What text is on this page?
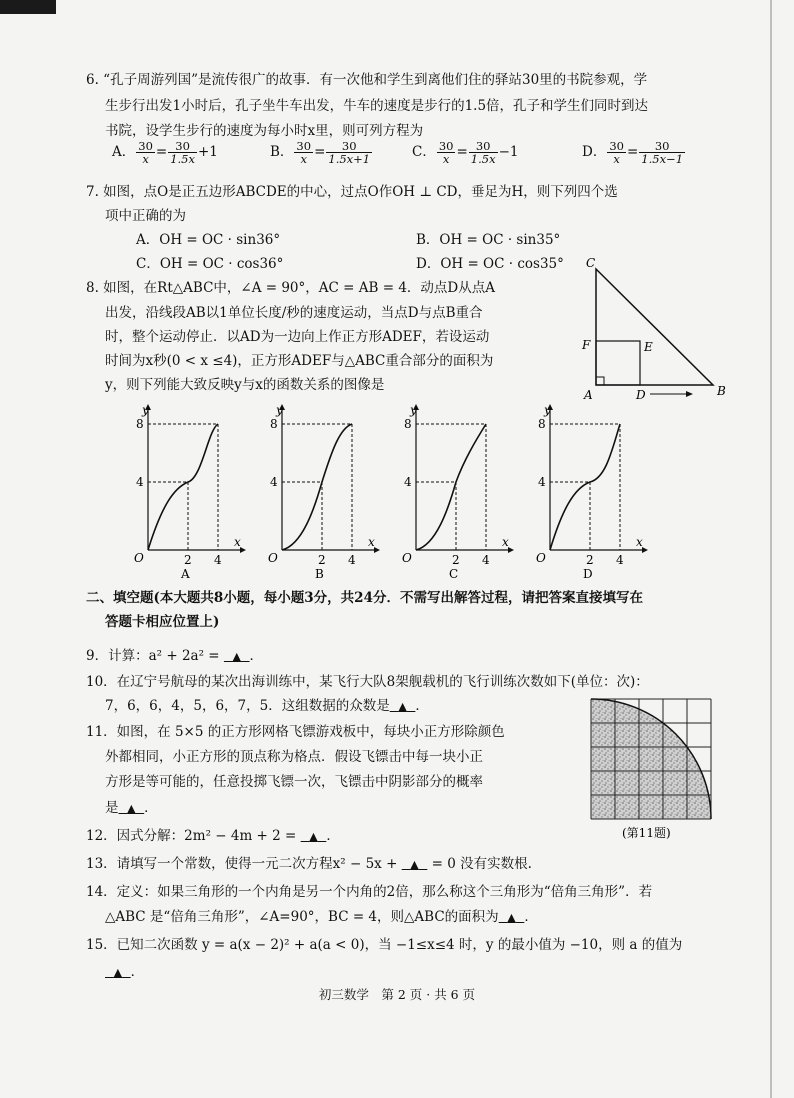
6. “孔子周游列国”是流传很广的故事．有一次他和学生到离他们住的驿站30里的书院参观，学
生步行出发1小时后，孔子坐牛车出发，牛车的速度是步行的1.5倍，孔子和学生们同时到达
书院，设学生步行的速度为每小时x里，则可列方程为
A． $\frac{30}{x} = \frac{30}{1.5x} +1$	B． $\frac{30}{x} = \frac{30}{1.5x+1}$	C． $\frac{30}{x} = \frac{30}{1.5x} -1$	D． $\frac{30}{x} = \frac{30}{1.5x-1}$
7. 如图，点O是正五边形ABCDE的中心，过点O作OH ⊥ CD，垂足为H，则下列四个选
项中正确的为
A．OH = OC · sin36°	B．OH = OC · sin35°
C．OH = OC · cos36°	D．OH = OC · cos35°
8. 如图，在Rt△ABC中，∠A = 90°，AC = AB = 4．动点D从点A
出发，沿线段AB以1单位长度/秒的速度运动，当点D与点B重合
时，整个运动停止．以AD为一边向上作正方形ADEF，若设运动
时间为x秒(0 < x ≤4)，正方形ADEF与△ABC重合部分的面积为
y，则下列能大致反映y与x的函数关系的图像是
C
F	E
A	D	B
y
x
O	2 4
4
8
A
y
x
O	2 4
4
8
B
y
x
O	2 4
4
8
C
y
x
O	2 4
4
8
D
二、填空题(本大题共8小题，每小题3分，共24分．不需写出解答过程，请把答案直接填写在
答题卡相应位置上)
9．计算：a² + 2a² =   ▲ ．
10．在辽宁号航母的某次出海训练中，某飞行大队8架舰载机的飞行训练次数如下(单位：次)：
7，6，6，4，5，6，7，5．这组数据的众数是 ▲ ．
11．如图，在 5×5 的正方形网格飞镖游戏板中，每块小正方形除颜色
外都相同，小正方形的顶点称为格点．假设飞镖击中每一块小正
方形是等可能的，任意投掷飞镖一次，飞镖击中阴影部分的概率
是 ▲ ．
(第11题)
12．因式分解：2m² − 4m + 2 =   ▲ ．
13．请填写一个常数，使得一元二次方程x² − 5x +   ▲   = 0 没有实数根.
14．定义：如果三角形的一个内角是另一个内角的2倍，那么称这个三角形为“倍角三角形”．若
△ABC 是“倍角三角形”，∠A=90°，BC = 4，则△ABC的面积为 ▲ ．
15．已知二次函数 y = a(x − 2)² + a(a < 0)，当 −1≤x≤4 时，y 的最小值为 −10，则 a 的值为
▲ ．
初三数学　第 2 页 · 共 6 页
